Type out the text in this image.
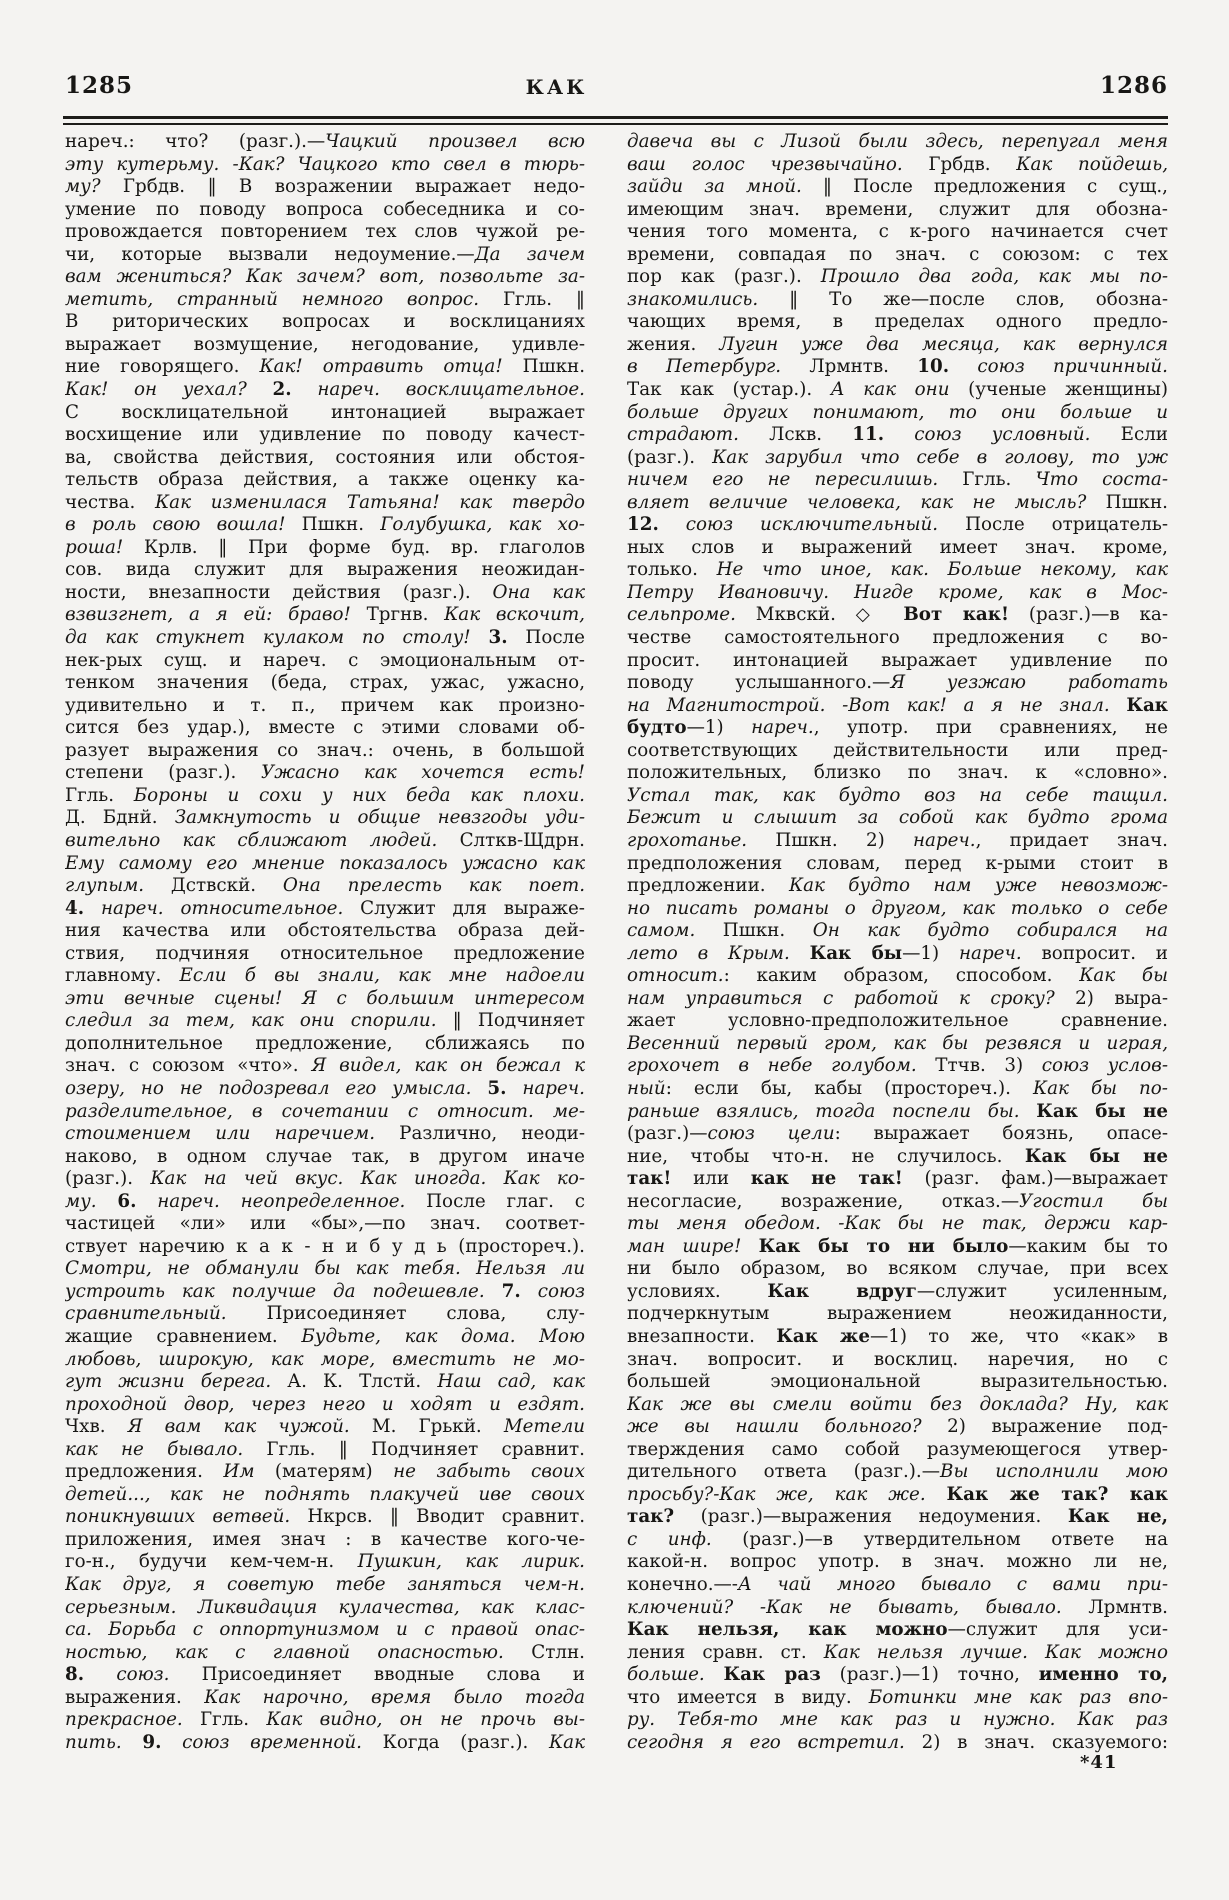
1285	КАК	1286
нареч.: что? (разг.).—Чацкий произвел всю
эту кутерьму. -Как? Чацкого кто свел в тюрь-
му? Грбдв. ‖ В возражении выражает недо-
умение по поводу вопроса собеседника и со-
провождается повторением тех слов чужой ре-
чи, которые вызвали недоумение.—Да зачем
вам жениться? Как зачем? вот, позвольте за-
метить, странный немного вопрос. Ггль. ‖
В риторических вопросах и восклицаниях
выражает возмущение, негодование, удивле-
ние говорящего. Как! отравить отца! Пшкн.
Как! он уехал? 2. нареч. восклицательное.
С восклицательной интонацией выражает
восхищение или удивление по поводу качест-
ва, свойства действия, состояния или обстоя-
тельств образа действия, а также оценку ка-
чества. Как изменилася Татьяна! как твердо
в роль свою вошла! Пшкн. Голубушка, как хо-
роша! Крлв. ‖ При форме буд. вр. глаголов
сов. вида служит для выражения неожидан-
ности, внезапности действия (разг.). Она как
взвизгнет, а я ей: браво! Тргнв. Как вскочит,
да как стукнет кулаком по столу! 3. После
нек-рых сущ. и нареч. с эмоциональным от-
тенком значения (беда, страх, ужас, ужасно,
удивительно и т. п., причем как произно-
сится без удар.), вместе с этими словами об-
разует выражения со знач.: очень, в большой
степени (разг.). Ужасно как хочется есть!
Ггль. Бороны и сохи у них беда как плохи.
Д. Бднй. Замкнутость и общие невзгоды уди-
вительно как сближают людей. Слткв-Щдрн.
Ему самому его мнение показалось ужасно как
глупым. Дствскй. Она прелесть как поет.
4. нареч. относительное. Служит для выраже-
ния качества или обстоятельства образа дей-
ствия, подчиняя относительное предложение
главному. Если б вы знали, как мне надоели
эти вечные сцены! Я с большим интересом
следил за тем, как они спорили. ‖ Подчиняет
дополнительное предложение, сближаясь по
знач. с союзом «что». Я видел, как он бежал к
озеру, но не подозревал его умысла. 5. нареч.
разделительное, в сочетании с относит. ме-
стоимением или наречием. Различно, неоди-
наково, в одном случае так, в другом иначе
(разг.). Как на чей вкус. Как иногда. Как ко-
му. 6. нареч. неопределенное. После глаг. с
частицей «ли» или «бы»,—по знач. соответ-
ствует наречию к а к - н и б у д ь (простореч.).
Смотри, не обманули бы как тебя. Нельзя ли
устроить как получше да подешевле. 7. союз
сравнительный. Присоединяет слова, слу-
жащие сравнением. Будьте, как дома. Мою
любовь, широкую, как море, вместить не мо-
гут жизни берега. А. К. Тлстй. Наш сад, как
проходной двор, через него и ходят и ездят.
Чхв. Я вам как чужой. М. Грькй. Метели
как не бывало. Ггль. ‖ Подчиняет сравнит.
предложения. Им (матерям) не забыть своих
детей..., как не поднять плакучей иве своих
поникнувших ветвей. Нкрсв. ‖ Вводит сравнит.
приложения, имея знач : в качестве кого-че-
го-н., будучи кем-чем-н. Пушкин, как лирик.
Как друг, я советую тебе заняться чем-н.
серьезным. Ликвидация кулачества, как клас-
са. Борьба с оппортунизмом и с правой опас-
ностью, как с главной опасностью. Стлн.
8. союз. Присоединяет вводные слова и
выражения. Как нарочно, время было тогда
прекрасное. Ггль. Как видно, он не прочь вы-
пить. 9. союз временной. Когда (разг.). Как
давеча вы с Лизой были здесь, перепугал меня
ваш голос чрезвычайно. Грбдв. Как пойдешь,
зайди за мной. ‖ После предложения с сущ.,
имеющим знач. времени, служит для обозна-
чения того момента, с к-рого начинается счет
времени, совпадая по знач. с союзом: с тех
пор как (разг.). Прошло два года, как мы по-
знакомились. ‖ То же—после слов, обозна-
чающих время, в пределах одного предло-
жения. Лугин уже два месяца, как вернулся
в Петербург. Лрмнтв. 10. союз причинный.
Так как (устар.). А как они (ученые женщины)
больше других понимают, то они больше и
страдают. Лскв. 11. союз условный. Если
(разг.). Как зарубил что себе в голову, то уж
ничем его не пересилишь. Ггль. Что соста-
вляет величие человека, как не мысль? Пшкн.
12. союз исключительный. После отрицатель-
ных слов и выражений имеет знач. кроме,
только. Не что иное, как. Больше некому, как
Петру Ивановичу. Нигде кроме, как в Мос-
сельпроме. Мквскй. ◇ Вот как! (разг.)—в ка-
честве самостоятельного предложения с во-
просит. интонацией выражает удивление по
поводу услышанного.—Я уезжаю работать
на Магнитострой. -Вот как! а я не знал. Как
будто—1) нареч., употр. при сравнениях, не
соответствующих действительности или пред-
положительных, близко по знач. к «словно».
Устал так, как будто воз на себе тащил.
Бежит и слышит за собой как будто грома
грохотанье. Пшкн. 2) нареч., придает знач.
предположения словам, перед к-рыми стоит в
предложении. Как будто нам уже невозмож-
но писать романы о другом, как только о себе
самом. Пшкн. Он как будто собирался на
лето в Крым. Как бы—1) нареч. вопросит. и
относит.: каким образом, способом. Как бы
нам управиться с работой к сроку? 2) выра-
жает условно-предположительное сравнение.
Весенний первый гром, как бы резвяся и играя,
грохочет в небе голубом. Ттчв. 3) союз услов-
ный: если бы, кабы (простореч.). Как бы по-
раньше взялись, тогда поспели бы. Как бы не
(разг.)—союз цели: выражает боязнь, опасе-
ние, чтобы что-н. не случилось. Как бы не
так! или как не так! (разг. фам.)—выражает
несогласие, возражение, отказ.—Угостил бы
ты меня обедом. -Как бы не так, держи кар-
ман шире! Как бы то ни было—каким бы то
ни было образом, во всяком случае, при всех
условиях. Как вдруг—служит усиленным,
подчеркнутым выражением неожиданности,
внезапности. Как же—1) то же, что «как» в
знач. вопросит. и восклиц. наречия, но с
большей эмоциональной выразительностью.
Как же вы смели войти без доклада? Ну, как
же вы нашли больного? 2) выражение под-
тверждения само собой разумеющегося утвер-
дительного ответа (разг.).—Вы исполнили мою
просьбу?-Как же, как же. Как же так? как
так? (разг.)—выражения недоумения. Как не,
с инф. (разг.)—в утвердительном ответе на
какой-н. вопрос употр. в знач. можно ли не,
конечно.—-А чай много бывало с вами при-
ключений? -Как не бывать, бывало. Лрмнтв.
Как нельзя, как можно—служит для уси-
ления сравн. ст. Как нельзя лучше. Как можно
больше. Как раз (разг.)—1) точно, именно то,
что имеется в виду. Ботинки мне как раз впо-
ру. Тебя-то мне как раз и нужно. Как раз
сегодня я его встретил. 2) в знач. сказуемого:
*41
